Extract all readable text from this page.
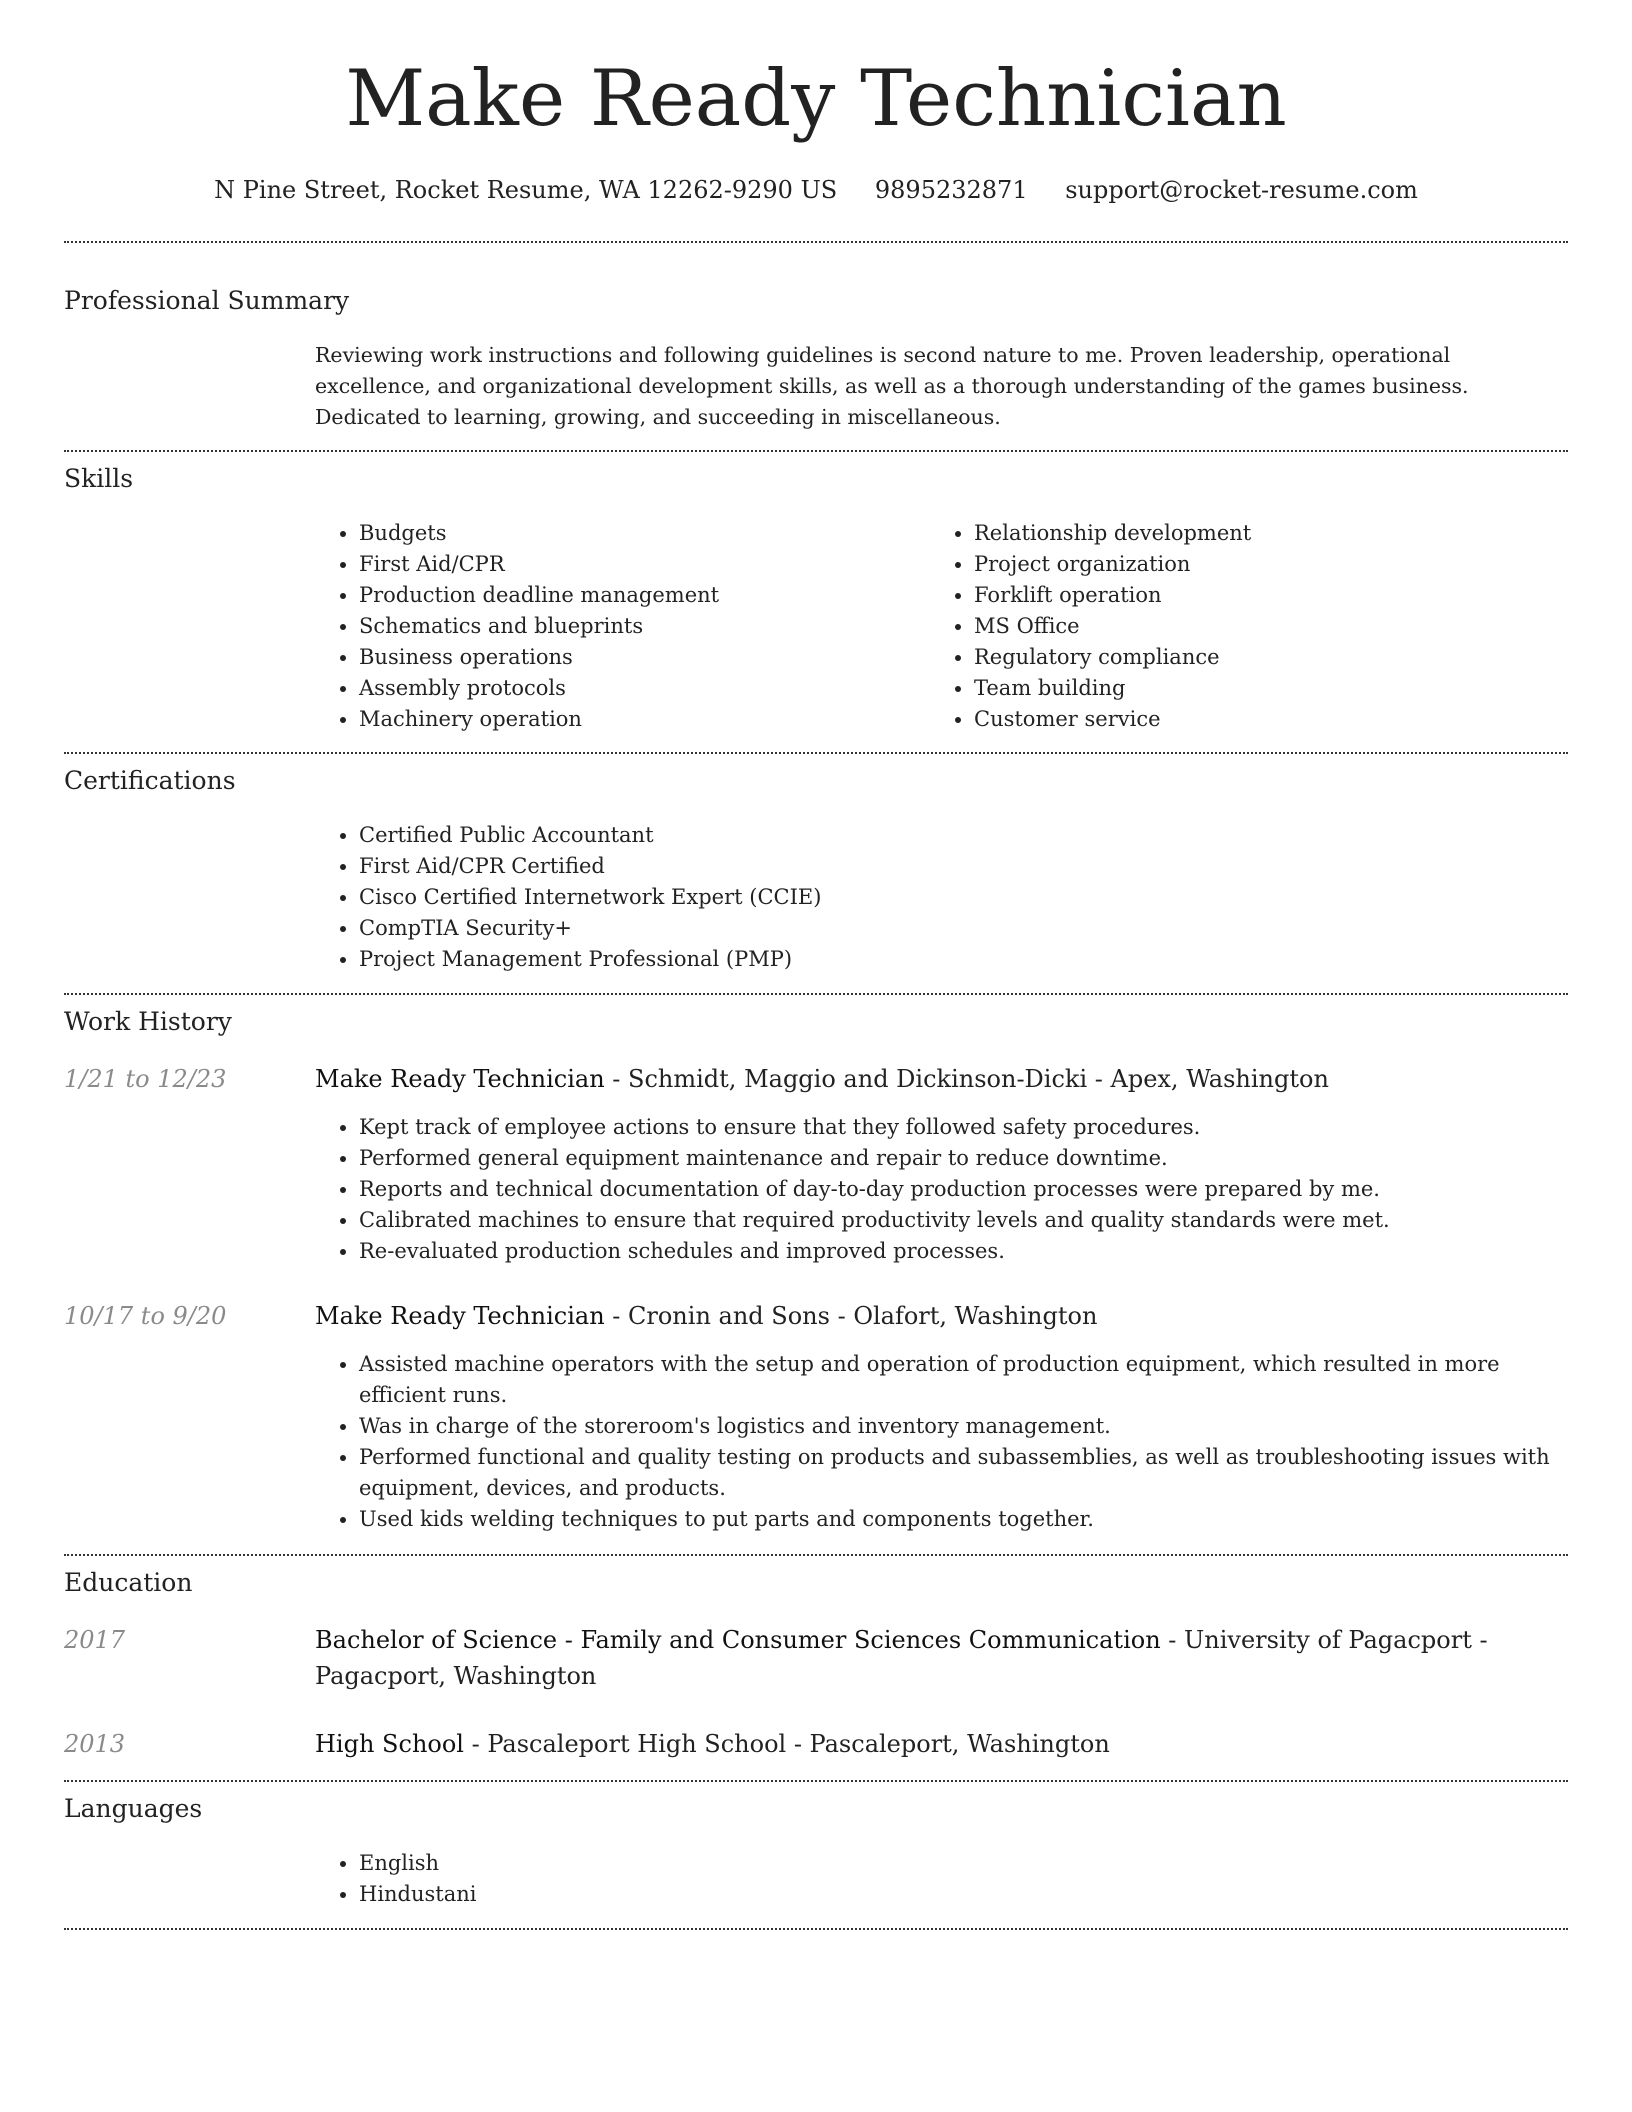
Make Ready Technician
N Pine Street, Rocket Resume, WA 12262-9290 US 9895232871 support@rocket-resume.com
Professional Summary
Reviewing work instructions and following guidelines is second nature to me. Proven leadership, operational excellence, and organizational development skills, as well as a thorough understanding of the games business. Dedicated to learning, growing, and succeeding in miscellaneous.
Skills
• Budgets
• First Aid/CPR
• Production deadline management
• Schematics and blueprints
• Business operations
• Assembly protocols
• Machinery operation
• Relationship development
• Project organization
• Forklift operation
• MS Office
• Regulatory compliance
• Team building
• Customer service
Certifications
• Certified Public Accountant
• First Aid/CPR Certified
• Cisco Certified Internetwork Expert (CCIE)
• CompTIA Security+
• Project Management Professional (PMP)
Work History
1/21 to 12/23	Make Ready Technician - Schmidt, Maggio and Dickinson-Dicki - Apex, Washington
• Kept track of employee actions to ensure that they followed safety procedures.
• Performed general equipment maintenance and repair to reduce downtime.
• Reports and technical documentation of day-to-day production processes were prepared by me.
• Calibrated machines to ensure that required productivity levels and quality standards were met.
• Re-evaluated production schedules and improved processes.
10/17 to 9/20	Make Ready Technician - Cronin and Sons - Olafort, Washington
• Assisted machine operators with the setup and operation of production equipment, which resulted in more efficient runs.
• Was in charge of the storeroom's logistics and inventory management.
• Performed functional and quality testing on products and subassemblies, as well as troubleshooting issues with equipment, devices, and products.
• Used kids welding techniques to put parts and components together.
Education
2017	Bachelor of Science - Family and Consumer Sciences Communication - University of Pagacport - Pagacport, Washington
2013	High School - Pascaleport High School - Pascaleport, Washington
Languages
• English
• Hindustani
